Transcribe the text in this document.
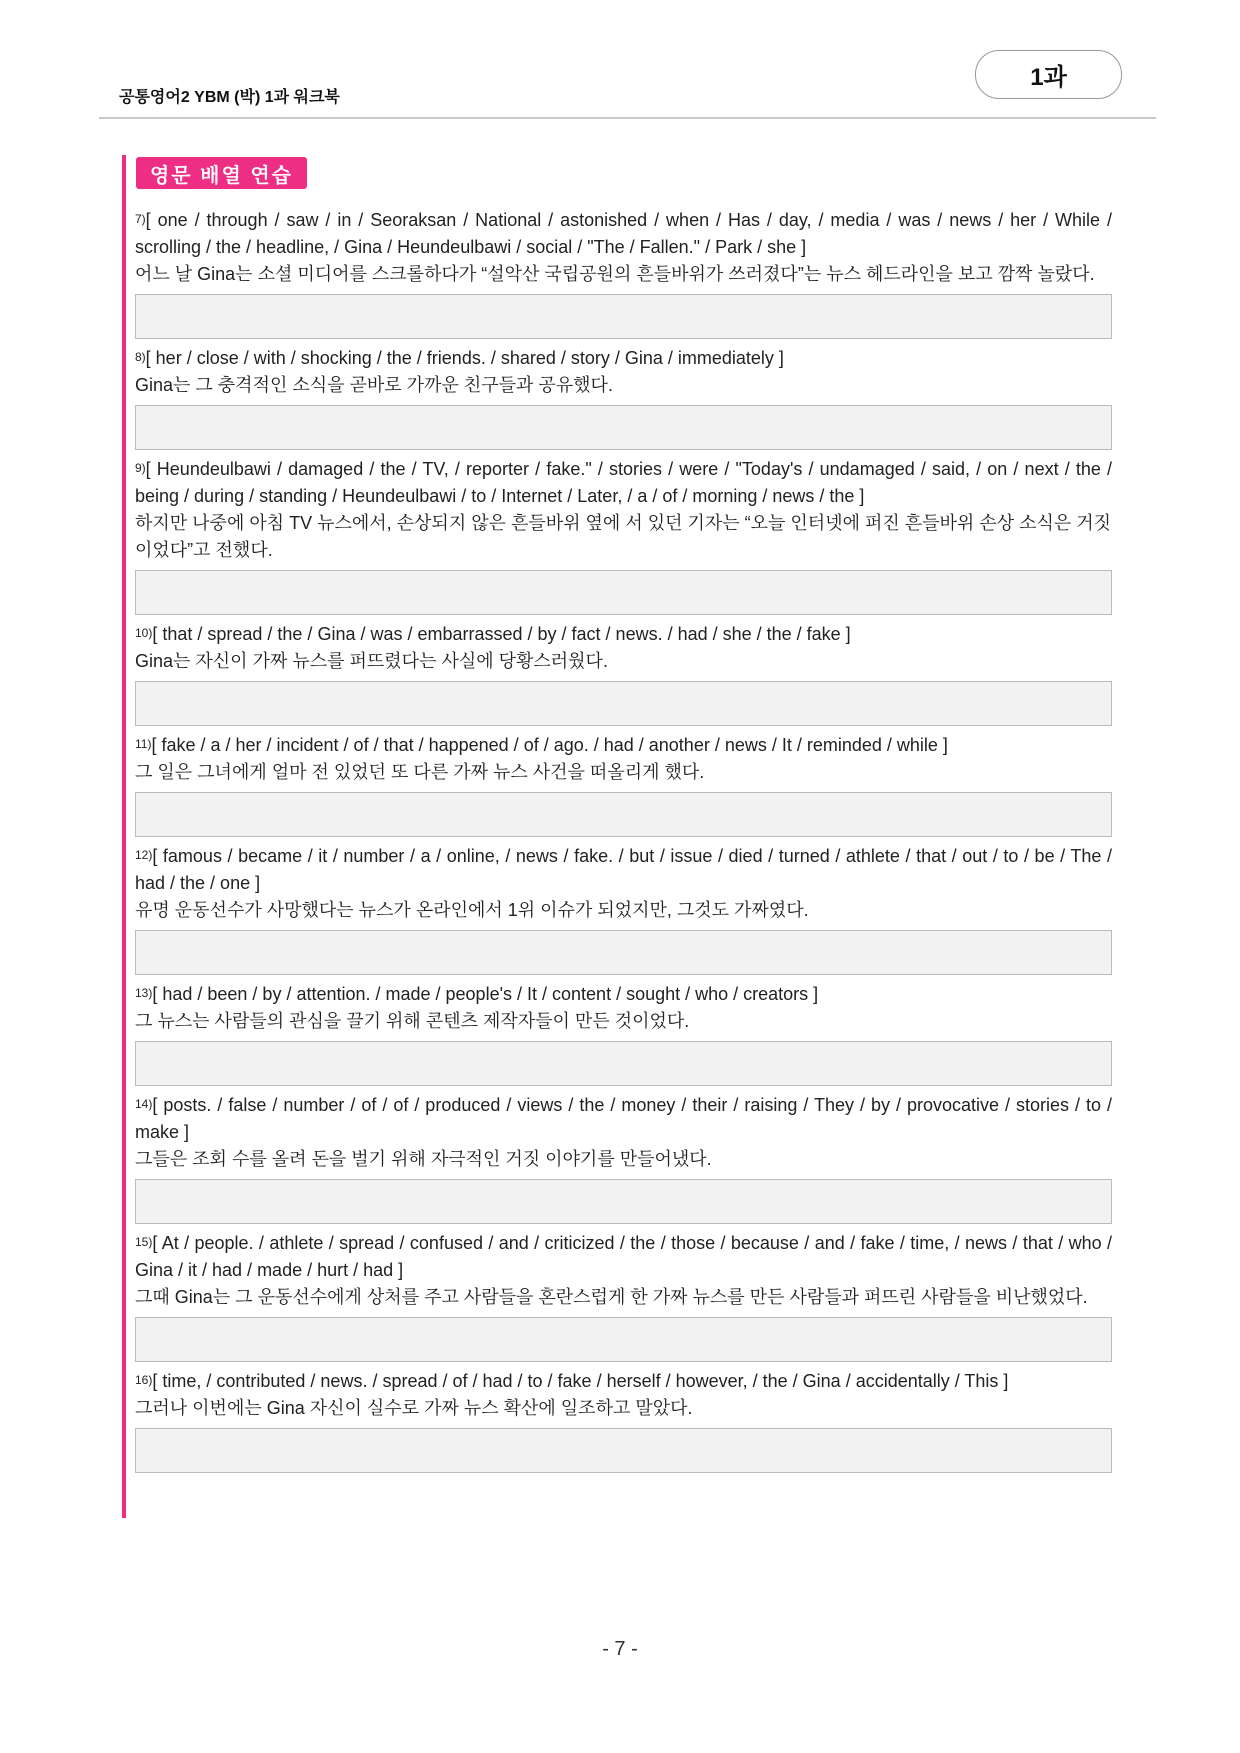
공통영어2 YBM (박) 1과 워크북
1과
영문 배열 연습
$^{7)}$[ one / through / saw / in / Seoraksan / National / astonished / when / Has / day, / media / was / news / her / While / scrolling / the / headline, / Gina / Heundeulbawi / social / "The / Fallen." / Park / she ]
어느 날 Gina는 소셜 미디어를 스크롤하다가 “설악산 국립공원의 흔들바위가 쓰러졌다”는 뉴스 헤드라인을 보고 깜짝 놀랐다.
$^{8)}$[ her / close / with / shocking / the / friends. / shared / story / Gina / immediately ]
Gina는 그 충격적인 소식을 곧바로 가까운 친구들과 공유했다.
$^{9)}$[ Heundeulbawi / damaged / the / TV, / reporter / fake." / stories / were / "Today's / undamaged / said, / on / next / the / being / during / standing / Heundeulbawi / to / Internet / Later, / a / of / morning / news / the ]
하지만 나중에 아침 TV 뉴스에서, 손상되지 않은 흔들바위 옆에 서 있던 기자는 “오늘 인터넷에 퍼진 흔들바위 손상 소식은 거짓이었다”고 전했다.
$^{10)}$[ that / spread / the / Gina / was / embarrassed / by / fact / news. / had / she / the / fake ]
Gina는 자신이 가짜 뉴스를 퍼뜨렸다는 사실에 당황스러웠다.
$^{11)}$[ fake / a / her / incident / of / that / happened / of / ago. / had / another / news / It / reminded / while ]
그 일은 그녀에게 얼마 전 있었던 또 다른 가짜 뉴스 사건을 떠올리게 했다.
$^{12)}$[ famous / became / it / number / a / online, / news / fake. / but / issue / died / turned / athlete / that / out / to / be / The / had / the / one ]
유명 운동선수가 사망했다는 뉴스가 온라인에서 1위 이슈가 되었지만, 그것도 가짜였다.
$^{13)}$[ had / been / by / attention. / made / people's / It / content / sought / who / creators ]
그 뉴스는 사람들의 관심을 끌기 위해 콘텐츠 제작자들이 만든 것이었다.
$^{14)}$[ posts. / false / number / of / of / produced / views / the / money / their / raising / They / by / provocative / stories / to / make ]
그들은 조회 수를 올려 돈을 벌기 위해 자극적인 거짓 이야기를 만들어냈다.
$^{15)}$[ At / people. / athlete / spread / confused / and / criticized / the / those / because / and / fake / time, / news / that / who / Gina / it / had / made / hurt / had ]
그때 Gina는 그 운동선수에게 상처를 주고 사람들을 혼란스럽게 한 가짜 뉴스를 만든 사람들과 퍼뜨린 사람들을 비난했었다.
$^{16)}$[ time, / contributed / news. / spread / of / had / to / fake / herself / however, / the / Gina / accidentally / This ]
그러나 이번에는 Gina 자신이 실수로 가짜 뉴스 확산에 일조하고 말았다.
- 7 -
